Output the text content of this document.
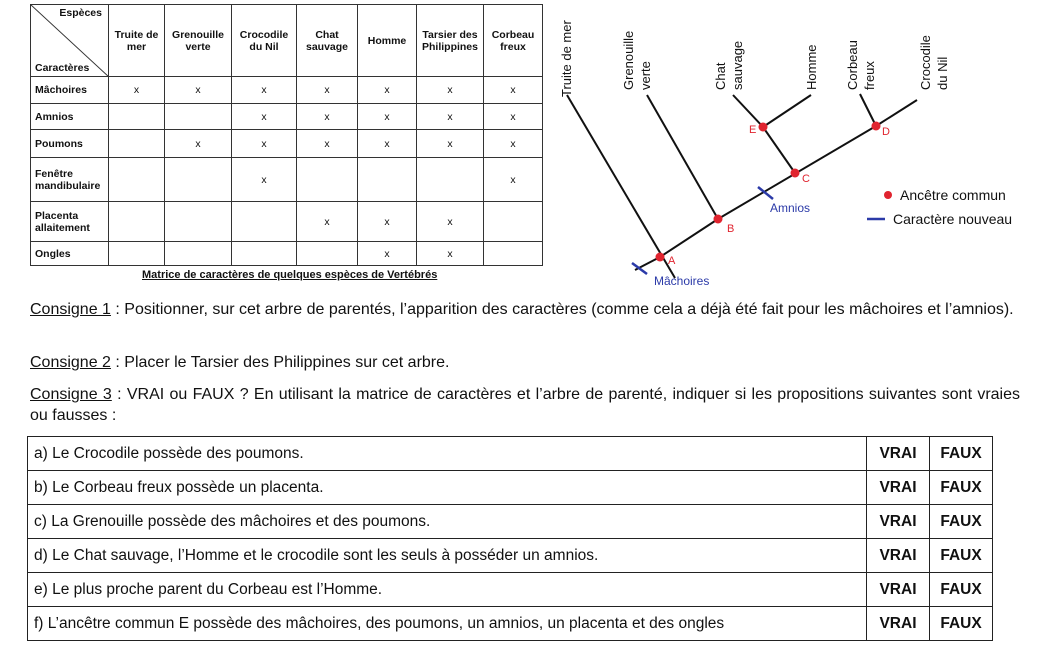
Espèces
Caractères	Truite de mer	Grenouille verte	Crocodile du Nil	Chat sauvage	Homme	Tarsier des Philippines	Corbeau freux
Mâchoires	x	x	x	x	x	x	x
Amnios			x	x	x	x	x
Poumons		x	x	x	x	x	x
Fenêtre mandibulaire			x				x
Placenta allaitement				x	x	x	
Ongles					x	x	
Matrice de caractères de quelques espèces de Vertébrés	Mâchoires
Amnios
A
B
C
D
E
Truite de mer	Grenouille verte	Chat sauvage	Homme Corbeau freux	Crocodile du Nil
Ancêtre commun
Caractère nouveau
Consigne 1 : Positionner, sur cet arbre de parentés, l’apparition des caractères (comme cela a déjà été fait pour les mâchoires et l’amnios).
Consigne 2 : Placer le Tarsier des Philippines sur cet arbre.
Consigne 3 : VRAI ou FAUX ? En utilisant la matrice de caractères et l’arbre de parenté, indiquer si les propositions suivantes sont vraies ou fausses :
a) Le Crocodile possède des poumons.	VRAI	FAUX
b) Le Corbeau freux possède un placenta.	VRAI	FAUX
c) La Grenouille possède des mâchoires et des poumons.	VRAI	FAUX
d) Le Chat sauvage, l’Homme et le crocodile sont les seuls à posséder un amnios.	VRAI	FAUX
e) Le plus proche parent du Corbeau est l’Homme.	VRAI	FAUX
f) L’ancêtre commun E possède des mâchoires, des poumons, un amnios, un placenta et des ongles	VRAI	FAUX
